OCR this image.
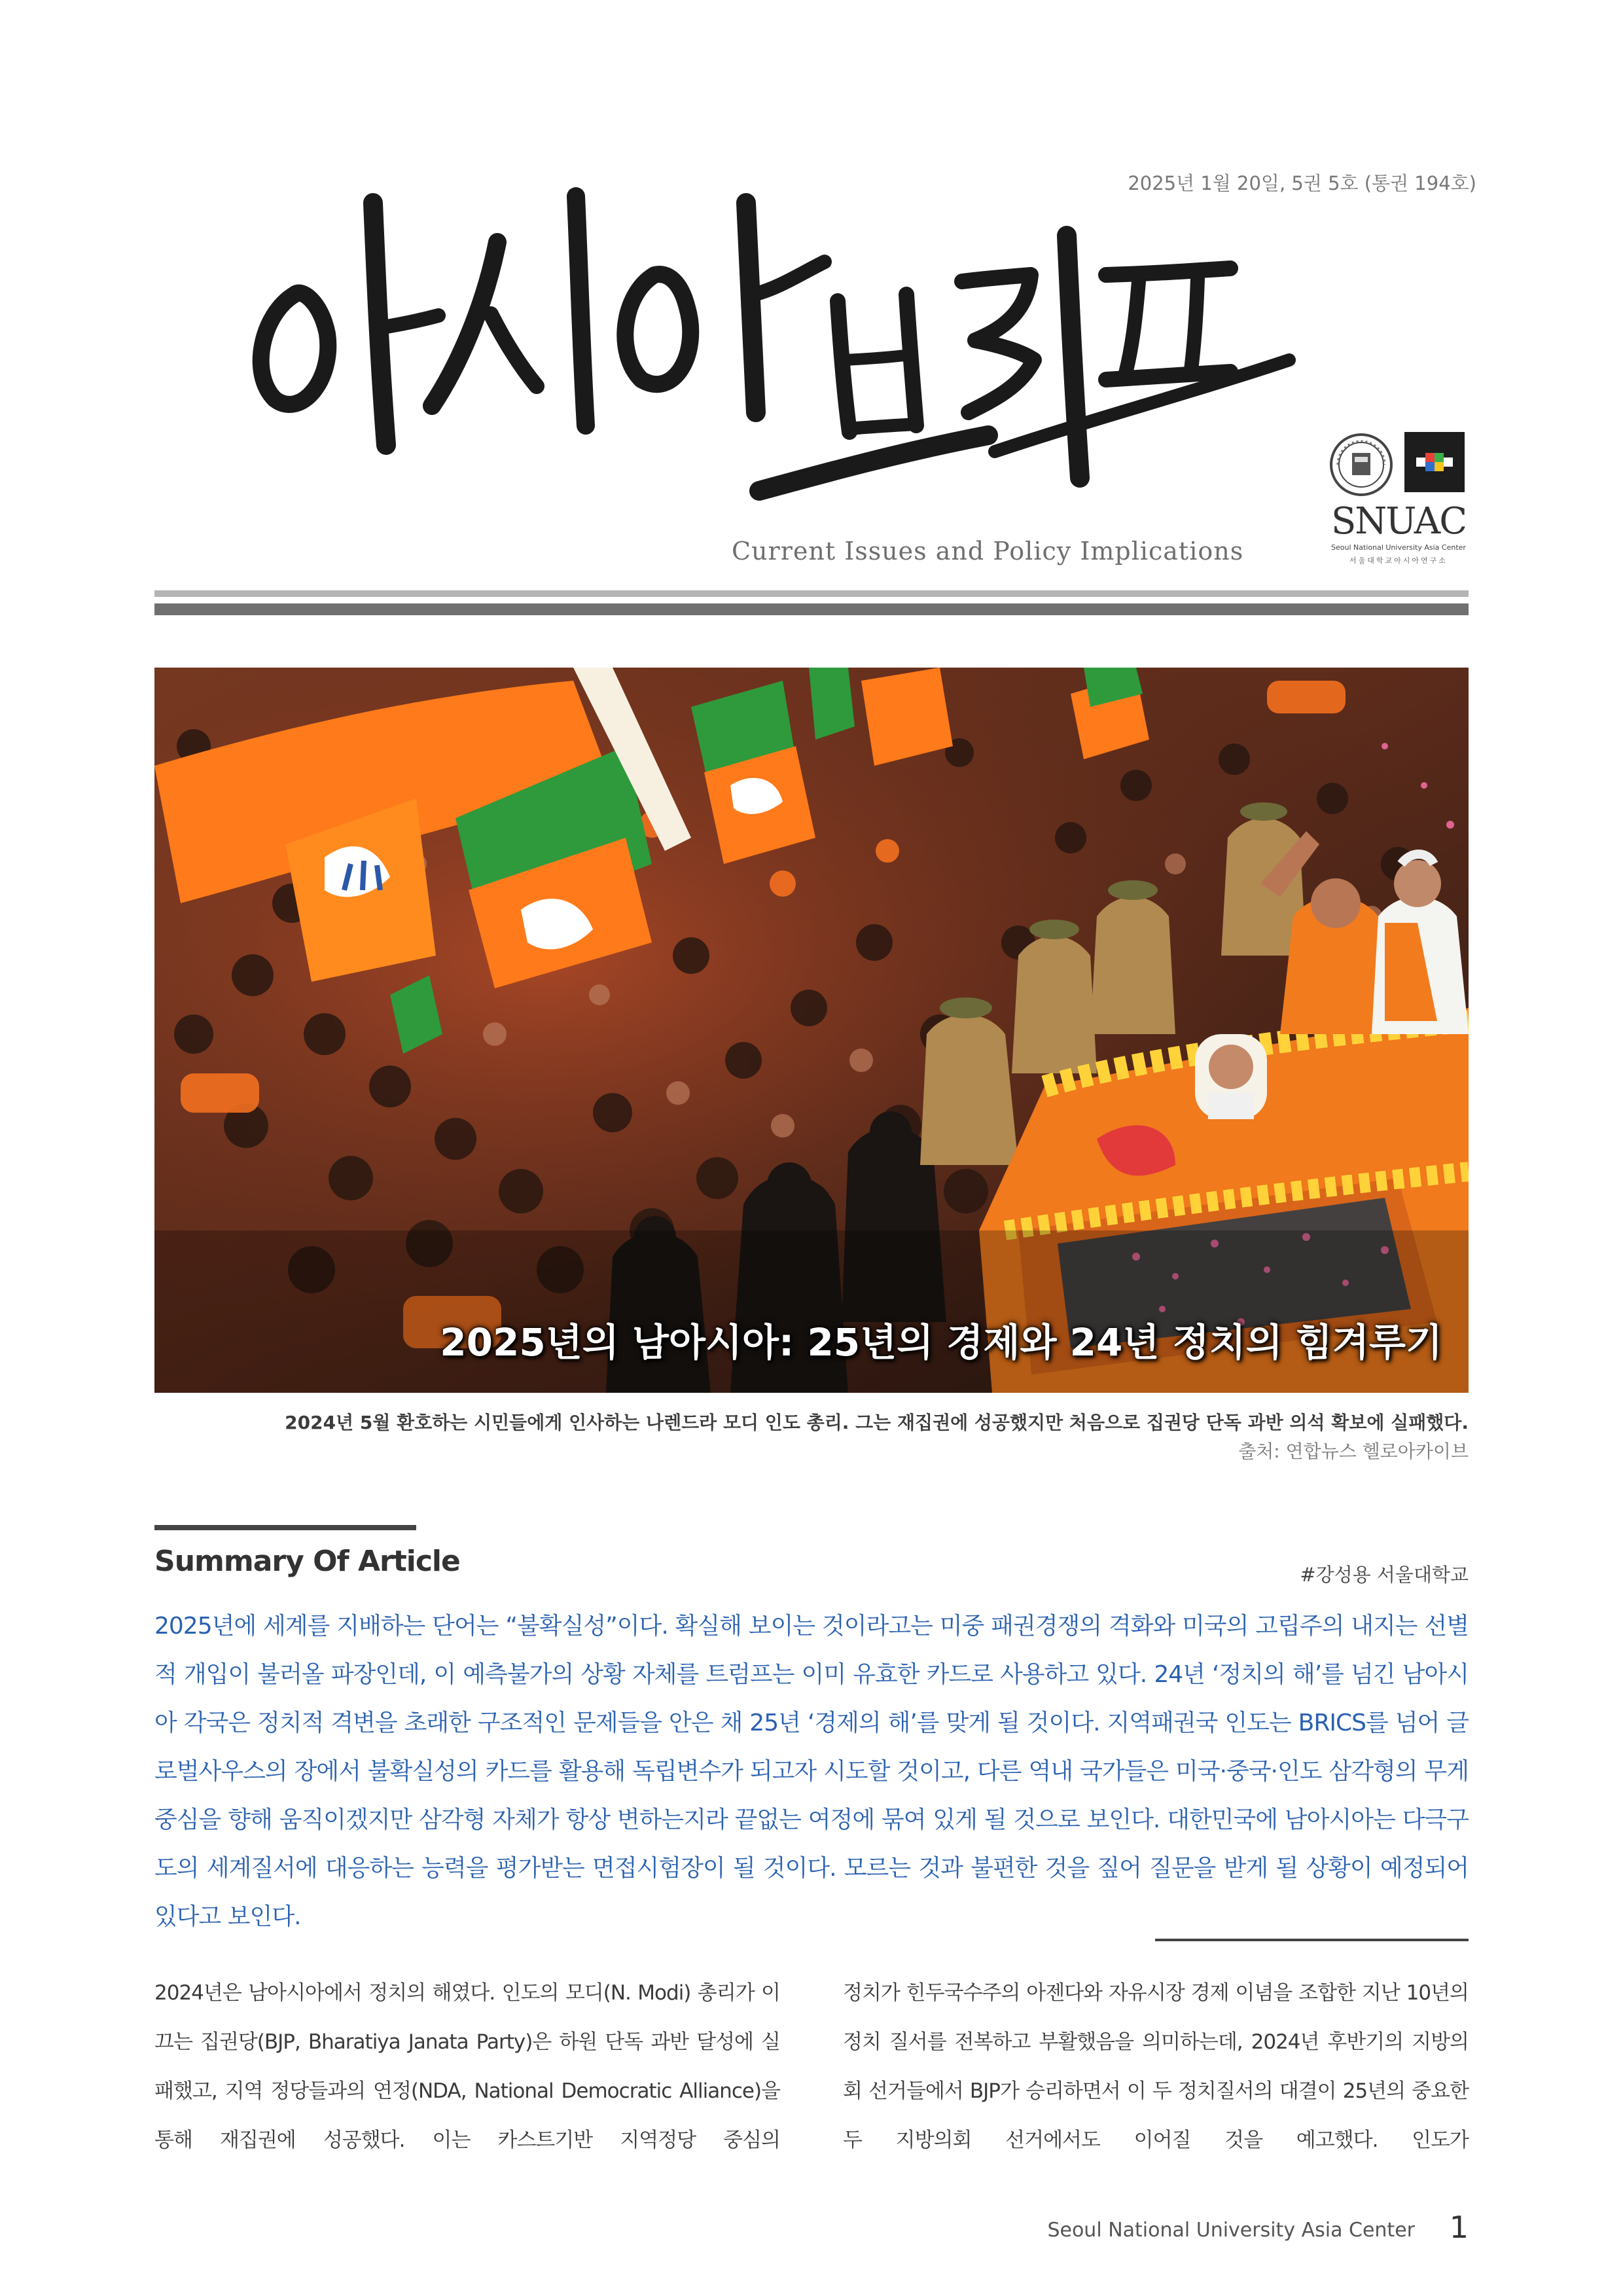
2025년 1월 20일, 5권 5호 (통권 194호)
Current Issues and Policy Implications
SNUAC
Seoul National University Asia Center
서울대학교아시아연구소
2025년의 남아시아: 25년의 경제와 24년 정치의 힘겨루기
2024년 5월 환호하는 시민들에게 인사하는 나렌드라 모디 인도 총리. 그는 재집권에 성공했지만 처음으로 집권당 단독 과반 의석 확보에 실패했다.
출처: 연합뉴스 헬로아카이브
Summary Of Article	#강성용 서울대학교
2025년에 세계를 지배하는 단어는 “불확실성”이다. 확실해 보이는 것이라고는 미중 패권경쟁의 격화와 미국의 고립주의 내지는 선별적 개입이 불러올 파장인데, 이 예측불가의 상황 자체를 트럼프는 이미 유효한 카드로 사용하고 있다. 24년 ‘정치의 해’를 넘긴 남아시아 각국은 정치적 격변을 초래한 구조적인 문제들을 안은 채 25년 ‘경제의 해’를 맞게 될 것이다. 지역패권국 인도는 BRICS를 넘어 글로벌사우스의 장에서 불확실성의 카드를 활용해 독립변수가 되고자 시도할 것이고, 다른 역내 국가들은 미국·중국·인도 삼각형의 무게중심을 향해 움직이겠지만 삼각형 자체가 항상 변하는지라 끝없는 여정에 묶여 있게 될 것으로 보인다. 대한민국에 남아시아는 다극구도의 세계질서에 대응하는 능력을 평가받는 면접시험장이 될 것이다. 모르는 것과 불편한 것을 짚어 질문을 받게 될 상황이 예정되어 있다고 보인다.
2024년은 남아시아에서 정치의 해였다. 인도의 모디(N. Modi) 총리가 이끄는 집권당(BJP, Bharatiya Janata Party)은 하원 단독 과반 달성에 실패했고, 지역 정당들과의 연정(NDA, National Democratic Alliance)을 통해 재집권에 성공했다. 이는 카스트기반 지역정당 중심의
정치가 힌두국수주의 아젠다와 자유시장 경제 이념을 조합한 지난 10년의 정치 질서를 전복하고 부활했음을 의미하는데, 2024년 후반기의 지방의회 선거들에서 BJP가 승리하면서 이 두 정치질서의 대결이 25년의 중요한 두 지방의회 선거에서도 이어질 것을 예고했다. 인도가
Seoul National University Asia Center 1
